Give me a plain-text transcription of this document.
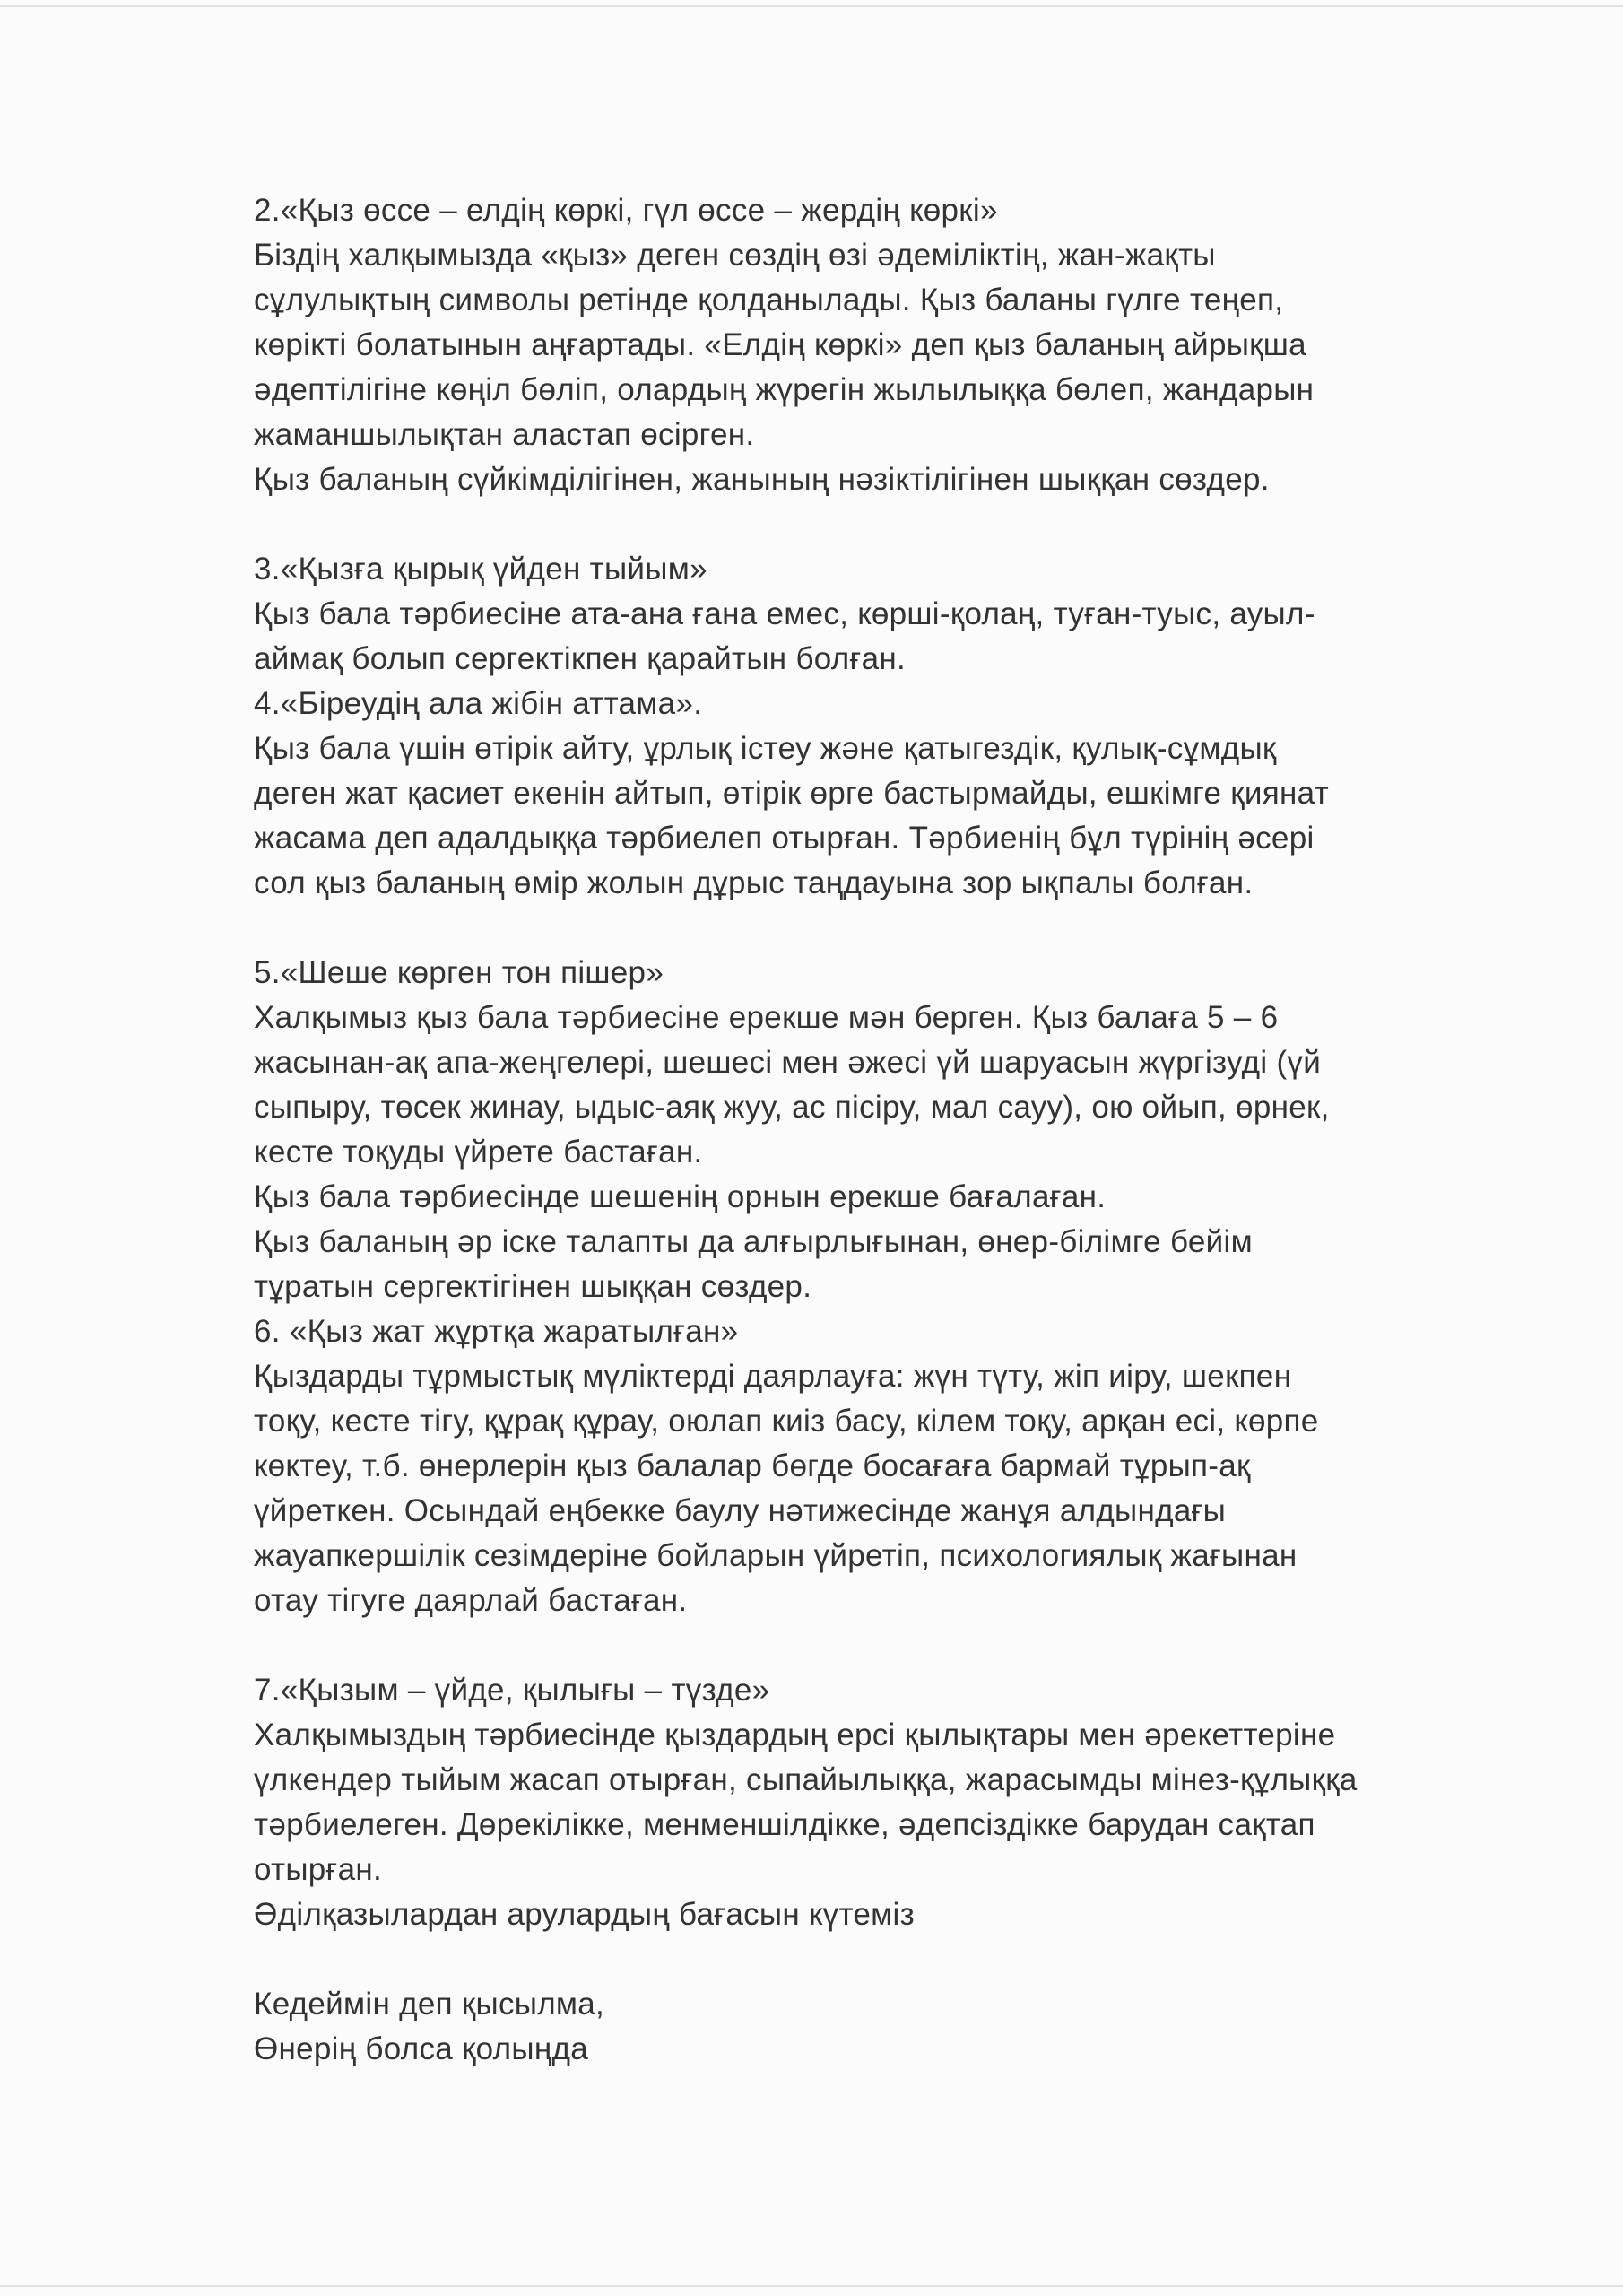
2.«Қыз өссе – елдің көркі, гүл өссе – жердің көркі»
Біздің халқымызда «қыз» деген сөздің өзі әдеміліктің, жан-жақты
сұлулықтың символы ретінде қолданылады. Қыз баланы гүлге теңеп,
көрікті болатынын аңғартады. «Елдің көркі» деп қыз баланың айрықша
әдептілігіне көңіл бөліп, олардың жүрегін жылылыққа бөлеп, жандарын
жаманшылықтан аластап өсірген.
Қыз баланың сүйкімділігінен, жанының нәзіктілігінен шыққан сөздер.
3.«Қызға қырық үйден тыйым»
Қыз бала тәрбиесіне ата-ана ғана емес, көрші-қолаң, туған-туыс, ауыл-
аймақ болып сергектікпен қарайтын болған.
4.«Біреудің ала жібін аттама».
Қыз бала үшін өтірік айту, ұрлық істеу және қатыгездік, қулық-сұмдық
деген жат қасиет екенін айтып, өтірік өрге бастырмайды, ешкімге қиянат
жасама деп адалдыққа тәрбиелеп отырған. Тәрбиенің бұл түрінің әсері
сол қыз баланың өмір жолын дұрыс таңдауына зор ықпалы болған.
5.«Шеше көрген тон пішер»
Халқымыз қыз бала тәрбиесіне ерекше мән берген. Қыз балаға 5 – 6
жасынан-ақ апа-жеңгелері, шешесі мен әжесі үй шаруасын жүргізуді (үй
сыпыру, төсек жинау, ыдыс-аяқ жуу, ас пісіру, мал сауу), ою ойып, өрнек,
кесте тоқуды үйрете бастаған.
Қыз бала тәрбиесінде шешенің орнын ерекше бағалаған.
Қыз баланың әр іске талапты да алғырлығынан, өнер-білімге бейім
тұратын сергектігінен шыққан сөздер.
6. «Қыз жат жұртқа жаратылған»
Қыздарды тұрмыстық мүліктерді даярлауға: жүн түту, жіп иіру, шекпен
тоқу, кесте тігу, құрақ құрау, оюлап киіз басу, кілем тоқу, арқан есі, көрпе
көктеу, т.б. өнерлерін қыз балалар бөгде босағаға бармай тұрып-ақ
үйреткен. Осындай еңбекке баулу нәтижесінде жанұя алдындағы
жауапкершілік сезімдеріне бойларын үйретіп, психологиялық жағынан
отау тігуге даярлай бастаған.
7.«Қызым – үйде, қылығы – түзде»
Халқымыздың тәрбиесінде қыздардың ерсі қылықтары мен әрекеттеріне
үлкендер тыйым жасап отырған, сыпайылыққа, жарасымды мінез-құлыққа
тәрбиелеген. Дөрекілікке, менменшілдікке, әдепсіздікке барудан сақтап
отырған.
Әділқазылардан арулардың бағасын күтеміз
Кедеймін деп қысылма,
Өнерің болса қолыңда
